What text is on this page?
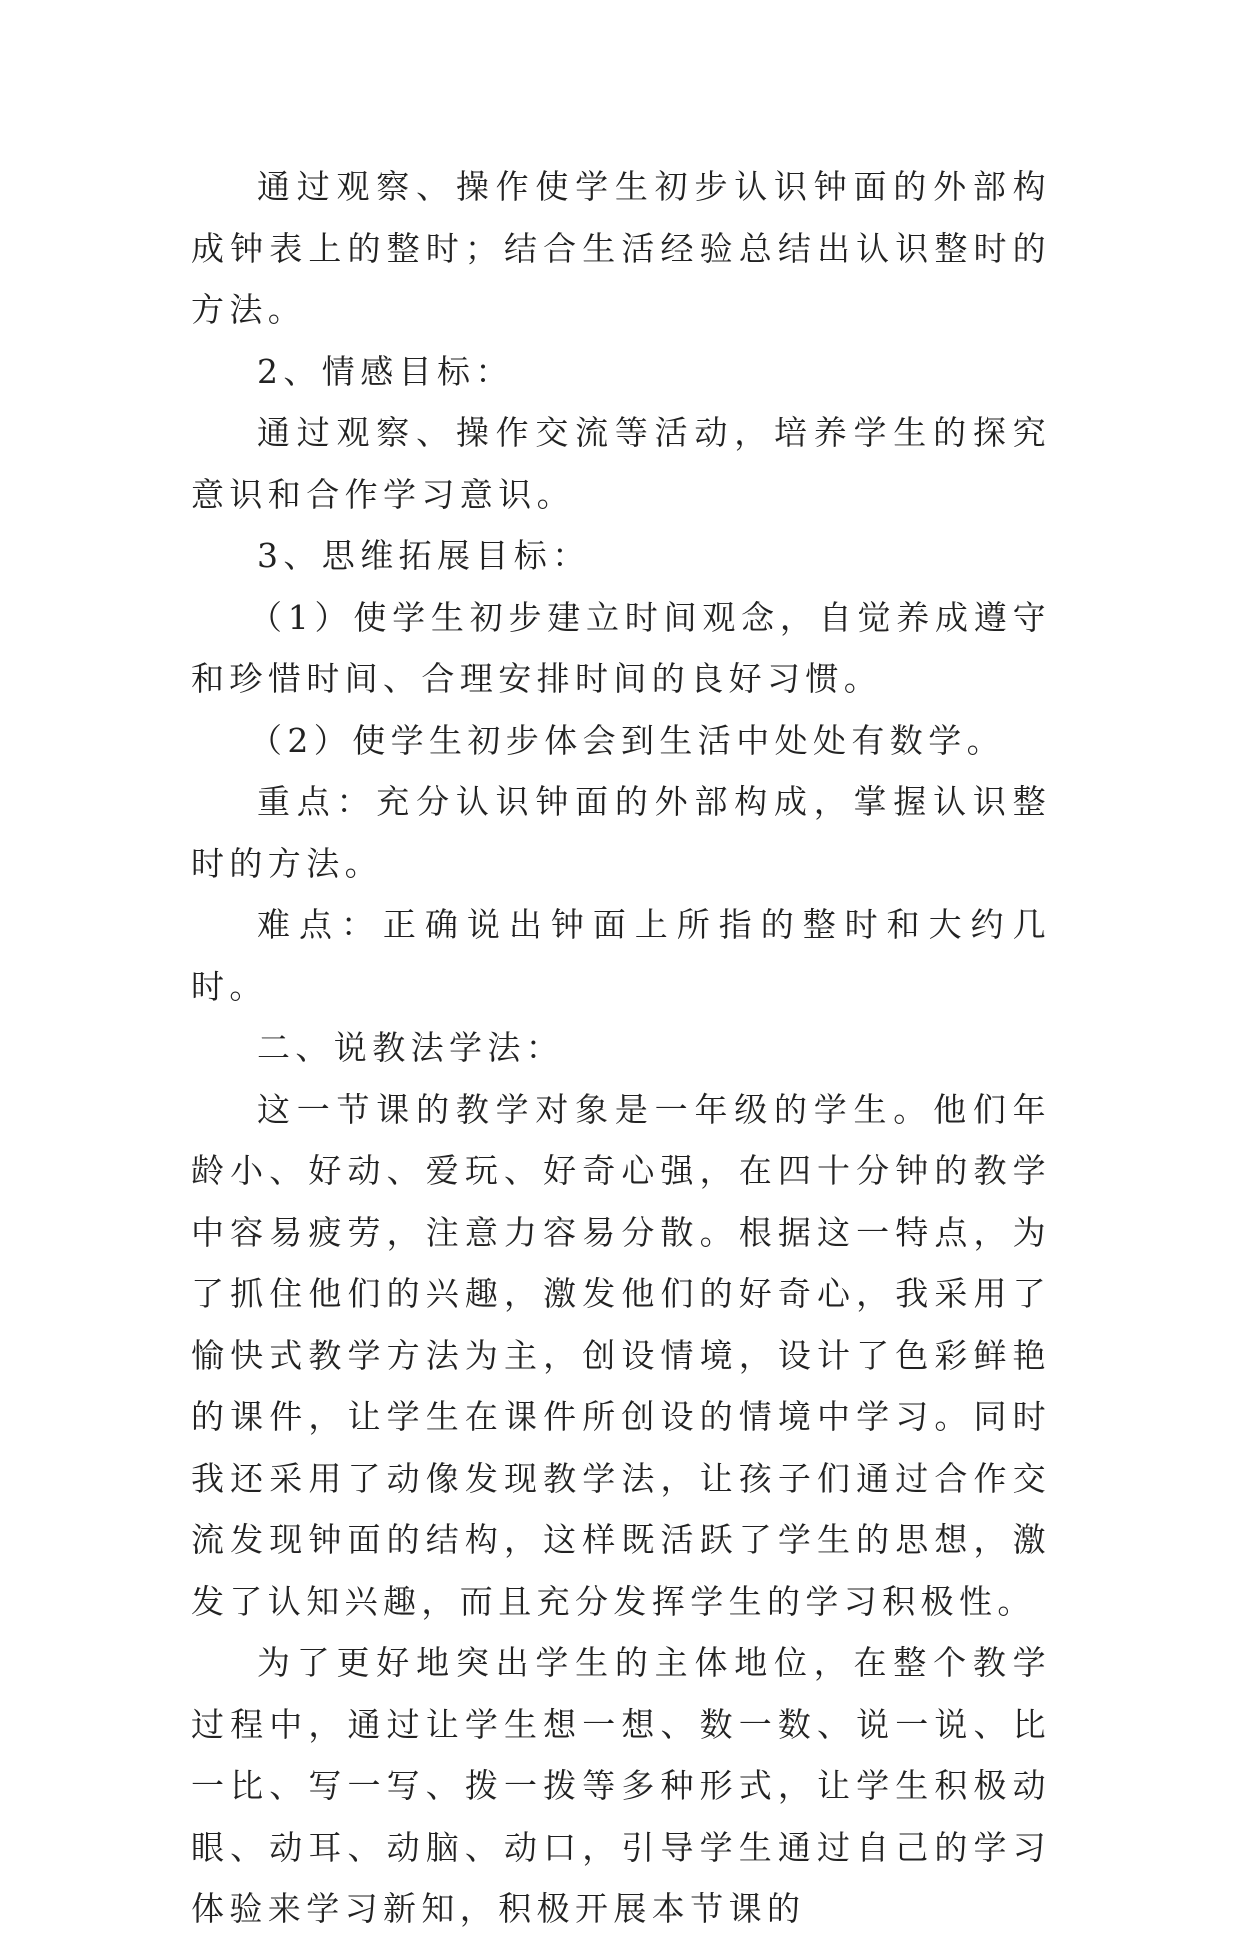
通过观察、操作使学生初步认识钟面的外部构成钟表上的整时；结合生活经验总结出认识整时的方法。

2、情感目标：

通过观察、操作交流等活动，培养学生的探究意识和合作学习意识。

3、思维拓展目标：

（1）使学生初步建立时间观念，自觉养成遵守和珍惜时间、合理安排时间的良好习惯。

（2）使学生初步体会到生活中处处有数学。

重点：充分认识钟面的外部构成，掌握认识整时的方法。

难点：正确说出钟面上所指的整时和大约几时。

二、说教法学法：

这一节课的教学对象是一年级的学生。他们年龄小、好动、爱玩、好奇心强，在四十分钟的教学中容易疲劳，注意力容易分散。根据这一特点，为了抓住他们的兴趣，激发他们的好奇心，我采用了愉快式教学方法为主，创设情境，设计了色彩鲜艳的课件，让学生在课件所创设的情境中学习。同时我还采用了动像发现教学法，让孩子们通过合作交流发现钟面的结构，这样既活跃了学生的思想，激发了认知兴趣，而且充分发挥学生的学习积极性。

为了更好地突出学生的主体地位，在整个教学过程中，通过让学生想一想、数一数、说一说、比一比、写一写、拨一拨等多种形式，让学生积极动眼、动耳、动脑、动口，引导学生通过自己的学习体验来学习新知，积极开展本节课的
